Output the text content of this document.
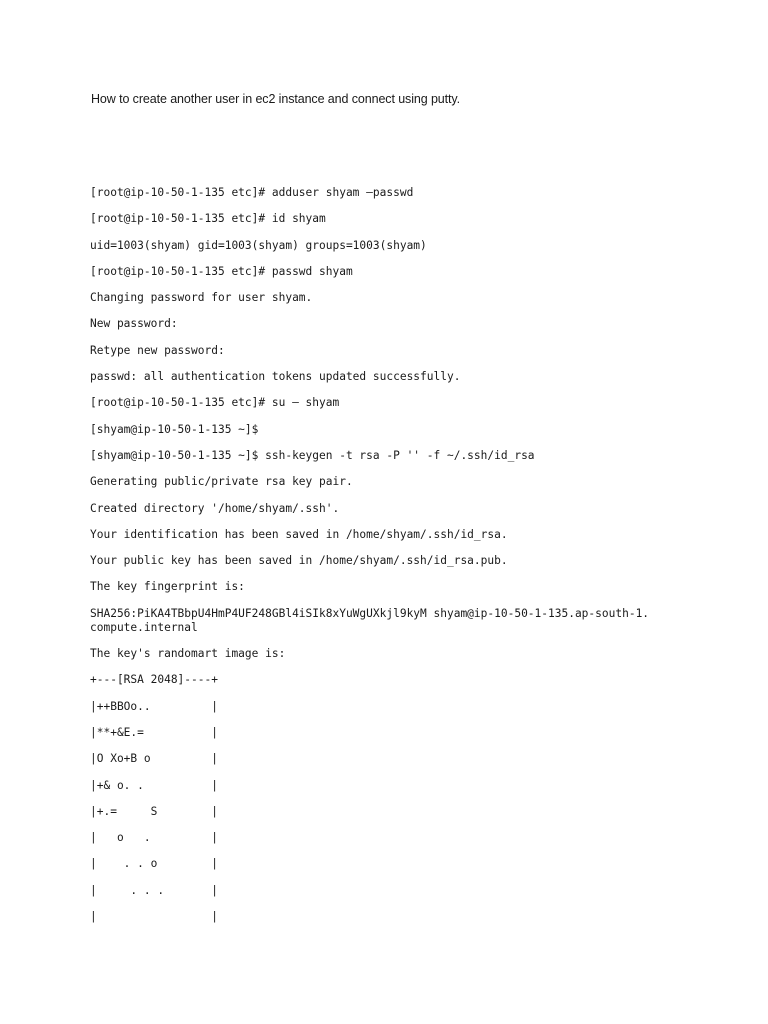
How to create another user in ec2 instance and connect using putty.
[root@ip-10-50-1-135 etc]# adduser shyam –passwd
[root@ip-10-50-1-135 etc]# id shyam
uid=1003(shyam) gid=1003(shyam) groups=1003(shyam)
[root@ip-10-50-1-135 etc]# passwd shyam
Changing password for user shyam.
New password:
Retype new password:
passwd: all authentication tokens updated successfully.
[root@ip-10-50-1-135 etc]# su – shyam
[shyam@ip-10-50-1-135 ~]$
[shyam@ip-10-50-1-135 ~]$ ssh-keygen -t rsa -P '' -f ~/.ssh/id_rsa
Generating public/private rsa key pair.
Created directory '/home/shyam/.ssh'.
Your identification has been saved in /home/shyam/.ssh/id_rsa.
Your public key has been saved in /home/shyam/.ssh/id_rsa.pub.
The key fingerprint is:
SHA256:PiKA4TBbpU4HmP4UF248GBl4iSIk8xYuWgUXkjl9kyM shyam@ip-10-50-1-135.ap-south-1.compute.internal
The key's randomart image is:
+---[RSA 2048]----+
|++BBOo..         |
|**+&E.=          |
|O Xo+B o         |
|+& o. .          |
|+.=     S        |
|   o   .         |
|    . . o        |
|     . . .       |
|                 |
